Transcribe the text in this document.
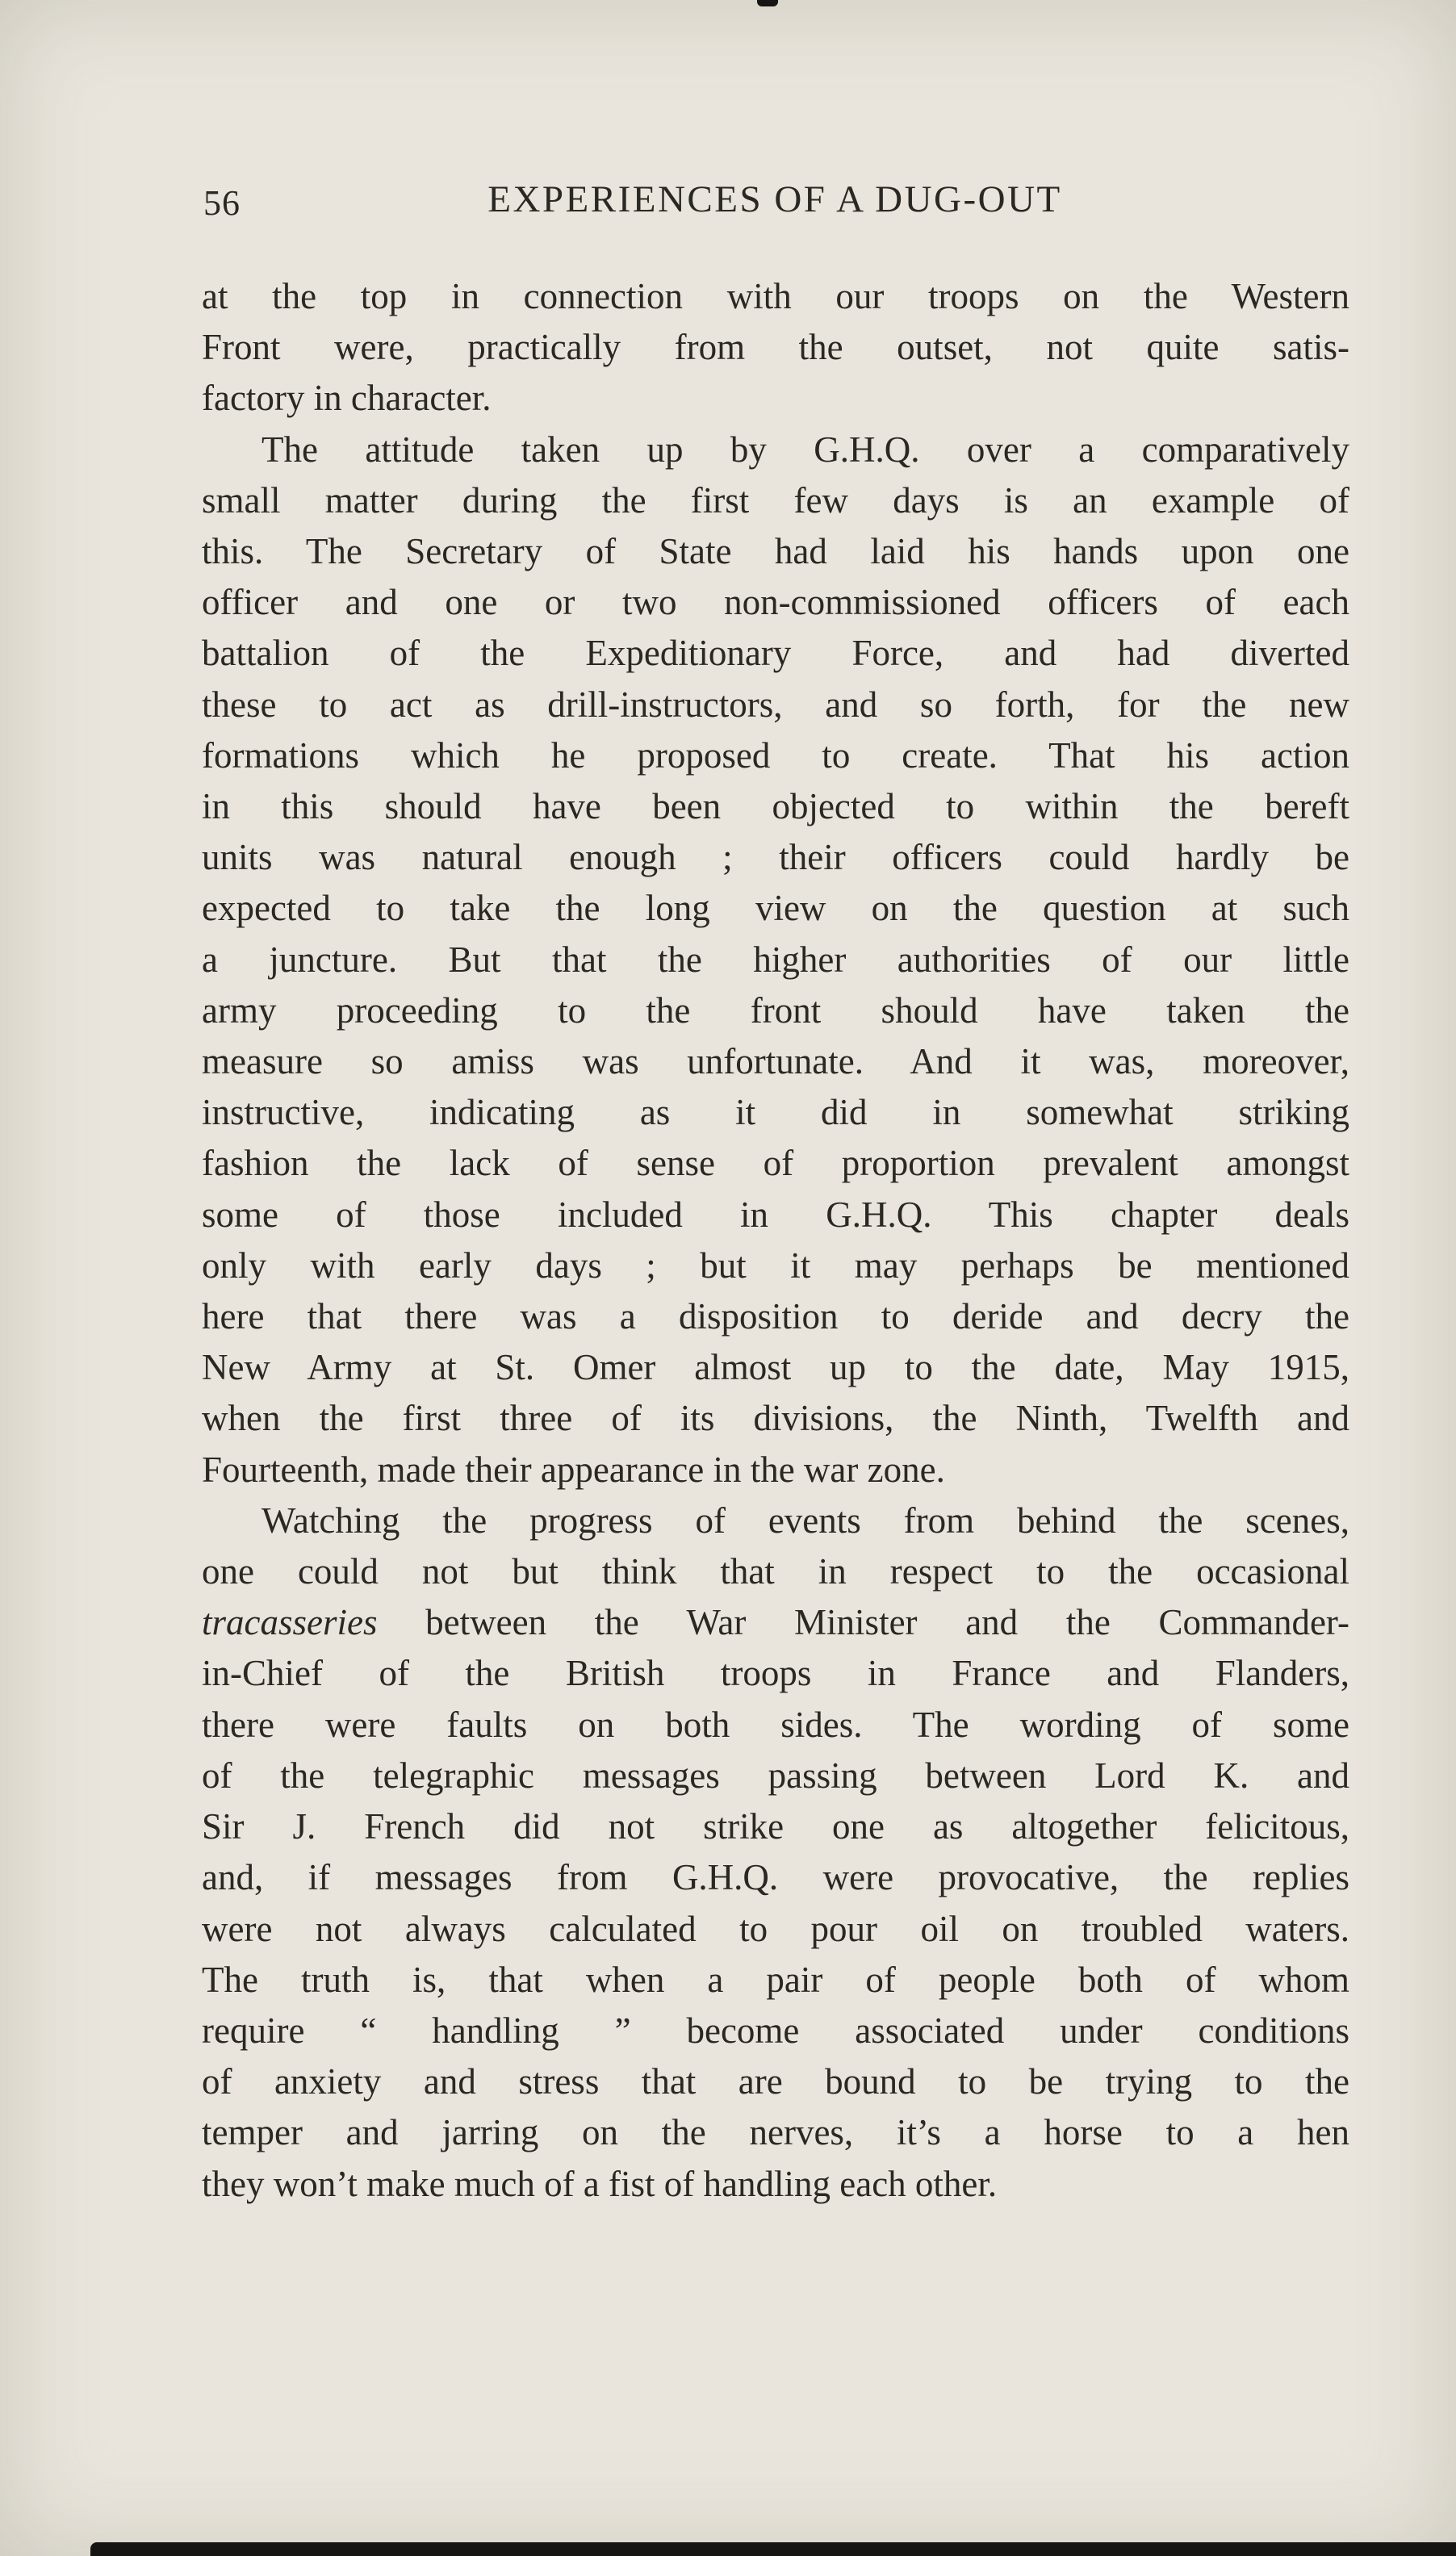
56	EXPERIENCES OF A DUG-OUT
at the top in connection with our troops on the Western
Front were, practically from the outset, not quite satis-
factory in character.
The attitude taken up by G.H.Q. over a comparatively
small matter during the first few days is an example of
this. The Secretary of State had laid his hands upon one
officer and one or two non-commissioned officers of each
battalion of the Expeditionary Force, and had diverted
these to act as drill-instructors, and so forth, for the new
formations which he proposed to create. That his action
in this should have been objected to within the bereft
units was natural enough ; their officers could hardly be
expected to take the long view on the question at such
a juncture. But that the higher authorities of our little
army proceeding to the front should have taken the
measure so amiss was unfortunate. And it was, moreover,
instructive, indicating as it did in somewhat striking
fashion the lack of sense of proportion prevalent amongst
some of those included in G.H.Q. This chapter deals
only with early days ; but it may perhaps be mentioned
here that there was a disposition to deride and decry the
New Army at St. Omer almost up to the date, May 1915,
when the first three of its divisions, the Ninth, Twelfth and
Fourteenth, made their appearance in the war zone.
Watching the progress of events from behind the scenes,
one could not but think that in respect to the occasional
tracasseries between the War Minister and the Commander-
in-Chief of the British troops in France and Flanders,
there were faults on both sides. The wording of some
of the telegraphic messages passing between Lord K. and
Sir J. French did not strike one as altogether felicitous,
and, if messages from G.H.Q. were provocative, the replies
were not always calculated to pour oil on troubled waters.
The truth is, that when a pair of people both of whom
require “ handling ” become associated under conditions
of anxiety and stress that are bound to be trying to the
temper and jarring on the nerves, it’s a horse to a hen
they won’t make much of a fist of handling each other.
